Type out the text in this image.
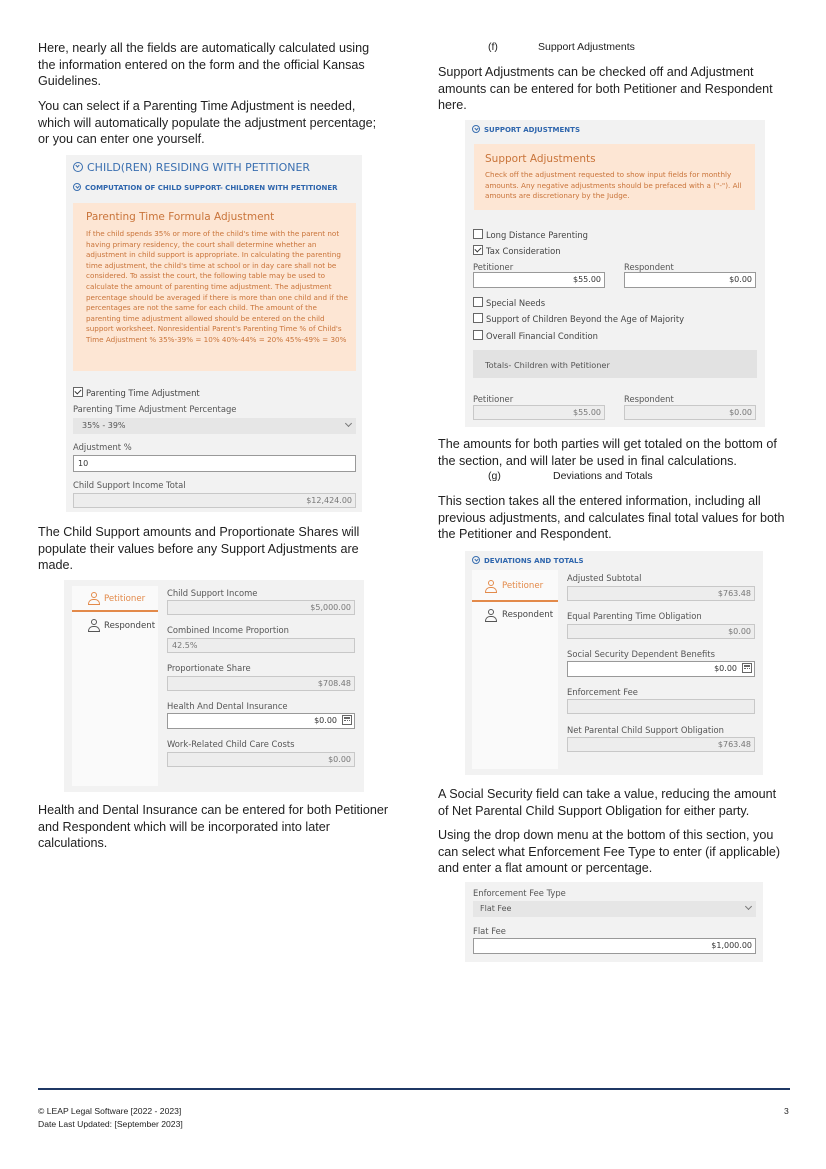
Here, nearly all the fields are automatically calculated using the information entered on the form and the official Kansas Guidelines.
You can select if a Parenting Time Adjustment is needed, which will automatically populate the adjustment percentage; or you can enter one yourself.
CHILD(REN) RESIDING WITH PETITIONER
COMPUTATION OF CHILD SUPPORT- CHILDREN WITH PETITIONER
Parenting Time Formula Adjustment
If the child spends 35% or more of the child's time with the parent not having primary residency, the court shall determine whether an adjustment in child support is appropriate. In calculating the parenting time adjustment, the child's time at school or in day care shall not be considered. To assist the court, the following table may be used to calculate the amount of parenting time adjustment. The adjustment percentage should be averaged if there is more than one child and if the percentages are not the same for each child. The amount of the parenting time adjustment allowed should be entered on the child support worksheet. Nonresidential Parent's Parenting Time % of Child's Time Adjustment % 35%-39% = 10% 40%-44% = 20% 45%-49% = 30%
Parenting Time Adjustment
Parenting Time Adjustment Percentage
35% - 39%
Adjustment %
10
Child Support Income Total
$12,424.00
The Child Support amounts and Proportionate Shares will populate their values before any Support Adjustments are made.
Petitioner
Respondent
Child Support Income
$5,000.00
Combined Income Proportion
42.5%
Proportionate Share
$708.48
Health And Dental Insurance
$0.00
Work-Related Child Care Costs
$0.00
Health and Dental Insurance can be entered for both Petitioner and Respondent which will be incorporated into later calculations.
(f)	Support Adjustments
Support Adjustments can be checked off and Adjustment amounts can be entered for both Petitioner and Respondent here.
SUPPORT ADJUSTMENTS
Support Adjustments
Check off the adjustment requested to show input fields for monthly amounts. Any negative adjustments should be prefaced with a ("-"). All amounts are discretionary by the Judge.
Long Distance Parenting
Tax Consideration
Petitioner	Respondent
$55.00	$0.00
Special Needs
Support of Children Beyond the Age of Majority
Overall Financial Condition
Totals- Children with Petitioner
Petitioner	Respondent
$55.00	$0.00
The amounts for both parties will get totaled on the bottom of the section, and will later be used in final calculations.
(g)	Deviations and Totals
This section takes all the entered information, including all previous adjustments, and calculates final total values for both the Petitioner and Respondent.
DEVIATIONS AND TOTALS
Petitioner
Respondent
Adjusted Subtotal
$763.48
Equal Parenting Time Obligation
$0.00
Social Security Dependent Benefits
$0.00
Enforcement Fee
Net Parental Child Support Obligation
$763.48
A Social Security field can take a value, reducing the amount of Net Parental Child Support Obligation for either party.
Using the drop down menu at the bottom of this section, you can select what Enforcement Fee Type to enter (if applicable) and enter a flat amount or percentage.
Enforcement Fee Type
Flat Fee
Flat Fee
$1,000.00
© LEAP Legal Software [2022 - 2023]
Date Last Updated: [September 2023]
3
